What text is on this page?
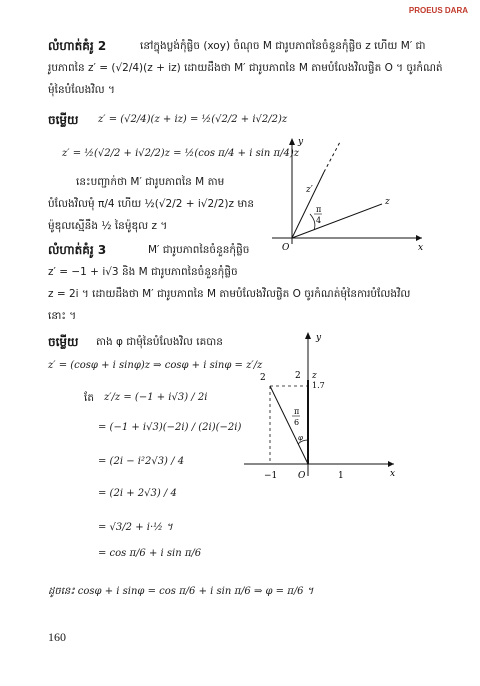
PROEUS DARA
លំហាត់គំរូ 2	នៅក្នុងប្លង់កុំផ្លិច (xoy) ចំណុច M ជារូបភាពនៃចំនួនកុំផ្លិច z ហើយ M′ ជា
រូបភាពនៃ z′ = (√2/4)(z + iz) ដោយដឹងថា M′ ជារូបភាពនៃ M តាមបំលែងវិលផ្ចិត O ។ ចូរកំណត់
មុំនៃបំលែងវិល ។
ចម្លើយ z′ = (√2/4)(z + iz) = ½(√2/2 + i√2/2)z
z′ = ½(√2/2 + i√2/2)z = ½(cos π/4 + i sin π/4)z
នេះបញ្ជាក់ថា M′ ជារូបភាពនៃ M តាម
បំលែងវិលមុំ π/4 ហើយ ½(√2/2 + i√2/2)z មាន
ម៉ូឌុលស្មើនឹង ½ នៃម៉ូឌុល z ។
y
x
O
z
z′
π
4
លំហាត់គំរូ 3	M′ ជារូបភាពនៃចំនួនកុំផ្លិច
z′ = −1 + i√3 និង M ជារូបភាពនៃចំនួនកុំផ្លិច
z = 2i ។ ដោយដឹងថា M′ ជារូបភាពនៃ M តាមបំលែងវិលផ្ចិត O ចូរកំណត់មុំនៃការបំលែងវិល
នោះ ។
ចម្លើយ តាង φ ជាមុំនៃបំលែងវិល គេបាន
z′ = (cosφ + i sinφ)z ⇒ cosφ + i sinφ = z′/z
តែ z′/z = (−1 + i√3) / 2i
= (−1 + i√3)(−2i) / (2i)(−2i)
= (2i − i²2√3) / 4
= (2i + 2√3) / 4
= √3/2 + i·½ ។
= cos π/6 + i sin π/6
ដូចនេះ cosφ + i sinφ = cos π/6 + i sin π/6 ⇒ φ = π/6 ។
y
x
O
z
1.7
2
2
−1	1
π
6
φ
160
